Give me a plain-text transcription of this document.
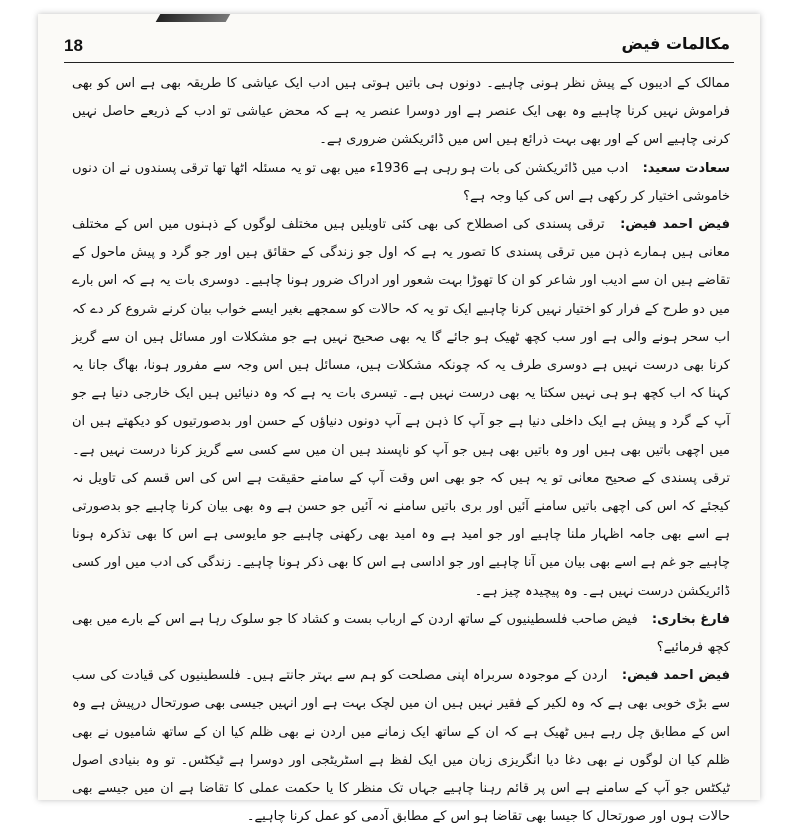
18	مکالمات فیض

ممالک کے ادیبوں کے پیش نظر ہونی چاہیے۔ دونوں ہی باتیں ہوتی ہیں ادب ایک عیاشی کا طریقہ بھی ہے اس کو بھی فراموش نہیں کرنا چاہیے وہ بھی ایک عنصر ہے اور دوسرا عنصر یہ ہے کہ محض عیاشی تو ادب کے ذریعے حاصل نہیں کرنی چاہیے اس کے اور بھی بہت ذرائع ہیں اس میں ڈائریکشن ضروری ہے۔

سعادت سعید: ادب میں ڈائریکشن کی بات ہو رہی ہے 1936ء میں بھی تو یہ مسئلہ اٹھا تھا ترقی پسندوں نے ان دنوں خاموشی اختیار کر رکھی ہے اس کی کیا وجہ ہے؟

فیض احمد فیض: ترقی پسندی کی اصطلاح کی بھی کئی تاویلیں ہیں مختلف لوگوں کے ذہنوں میں اس کے مختلف معانی ہیں ہمارے ذہن میں ترقی پسندی کا تصور یہ ہے کہ اول جو زندگی کے حقائق ہیں اور جو گرد و پیش ماحول کے تقاضے ہیں ان سے ادیب اور شاعر کو ان کا تھوڑا بہت شعور اور ادراک ضرور ہونا چاہیے۔ دوسری بات یہ ہے کہ اس بارے میں دو طرح کے فرار کو اختیار نہیں کرنا چاہیے ایک تو یہ کہ حالات کو سمجھے بغیر ایسے خواب بیان کرنے شروع کر دے کہ اب سحر ہونے والی ہے اور سب کچھ ٹھیک ہو جائے گا یہ بھی صحیح نہیں ہے جو مشکلات اور مسائل ہیں ان سے گریز کرنا بھی درست نہیں ہے دوسری طرف یہ کہ چونکہ مشکلات ہیں، مسائل ہیں اس وجہ سے مفرور ہونا، بھاگ جانا یہ کہنا کہ اب کچھ ہو ہی نہیں سکتا یہ بھی درست نہیں ہے۔ تیسری بات یہ ہے کہ وہ دنیائیں ہیں ایک خارجی دنیا ہے جو آپ کے گرد و پیش ہے ایک داخلی دنیا ہے جو آپ کا ذہن ہے آپ دونوں دنیاؤں کے حسن اور بدصورتیوں کو دیکھتے ہیں ان میں اچھی باتیں بھی ہیں اور وہ باتیں بھی ہیں جو آپ کو ناپسند ہیں ان میں سے کسی سے گریز کرنا درست نہیں ہے۔ ترقی پسندی کے صحیح معانی تو یہ ہیں کہ جو بھی اس وقت آپ کے سامنے حقیقت ہے اس کی اس قسم کی تاویل نہ کیجئے کہ اس کی اچھی باتیں سامنے آئیں اور بری باتیں سامنے نہ آئیں جو حسن ہے وہ بھی بیان کرنا چاہیے جو بدصورتی ہے اسے بھی جامہ اظہار ملنا چاہیے اور جو امید ہے وہ امید بھی رکھنی چاہیے جو مایوسی ہے اس کا بھی تذکرہ ہونا چاہیے جو غم ہے اسے بھی بیان میں آنا چاہیے اور جو اداسی ہے اس کا بھی ذکر ہونا چاہیے۔ زندگی کی ادب میں اور کسی ڈائریکشن درست نہیں ہے۔ وہ پیچیدہ چیز ہے۔

فارغ بخاری: فیض صاحب فلسطینیوں کے ساتھ اردن کے ارباب بست و کشاد کا جو سلوک رہا ہے اس کے بارے میں بھی کچھ فرمائیے؟

فیض احمد فیض: اردن کے موجودہ سربراہ اپنی مصلحت کو ہم سے بہتر جانتے ہیں۔ فلسطینیوں کی قیادت کی سب سے بڑی خوبی بھی ہے کہ وہ لکیر کے فقیر نہیں ہیں ان میں لچک بہت ہے اور انہیں جیسی بھی صورتحال درپیش ہے وہ اس کے مطابق چل رہے ہیں ٹھیک ہے کہ ان کے ساتھ ایک زمانے میں اردن نے بھی ظلم کیا ان کے ساتھ شامیوں نے بھی ظلم کیا ان لوگوں نے بھی دغا دیا انگریزی زبان میں ایک لفظ ہے اسٹریٹجی اور دوسرا ہے ٹیکٹس۔ تو وہ بنیادی اصول ٹیکٹس جو آپ کے سامنے ہے اس پر قائم رہنا چاہیے جہاں تک منظر کا یا حکمت عملی کا تقاضا ہے ان میں جیسے بھی حالات ہوں اور صورتحال کا جیسا بھی تقاضا ہو اس کے مطابق آدمی کو عمل کرنا چاہیے۔
